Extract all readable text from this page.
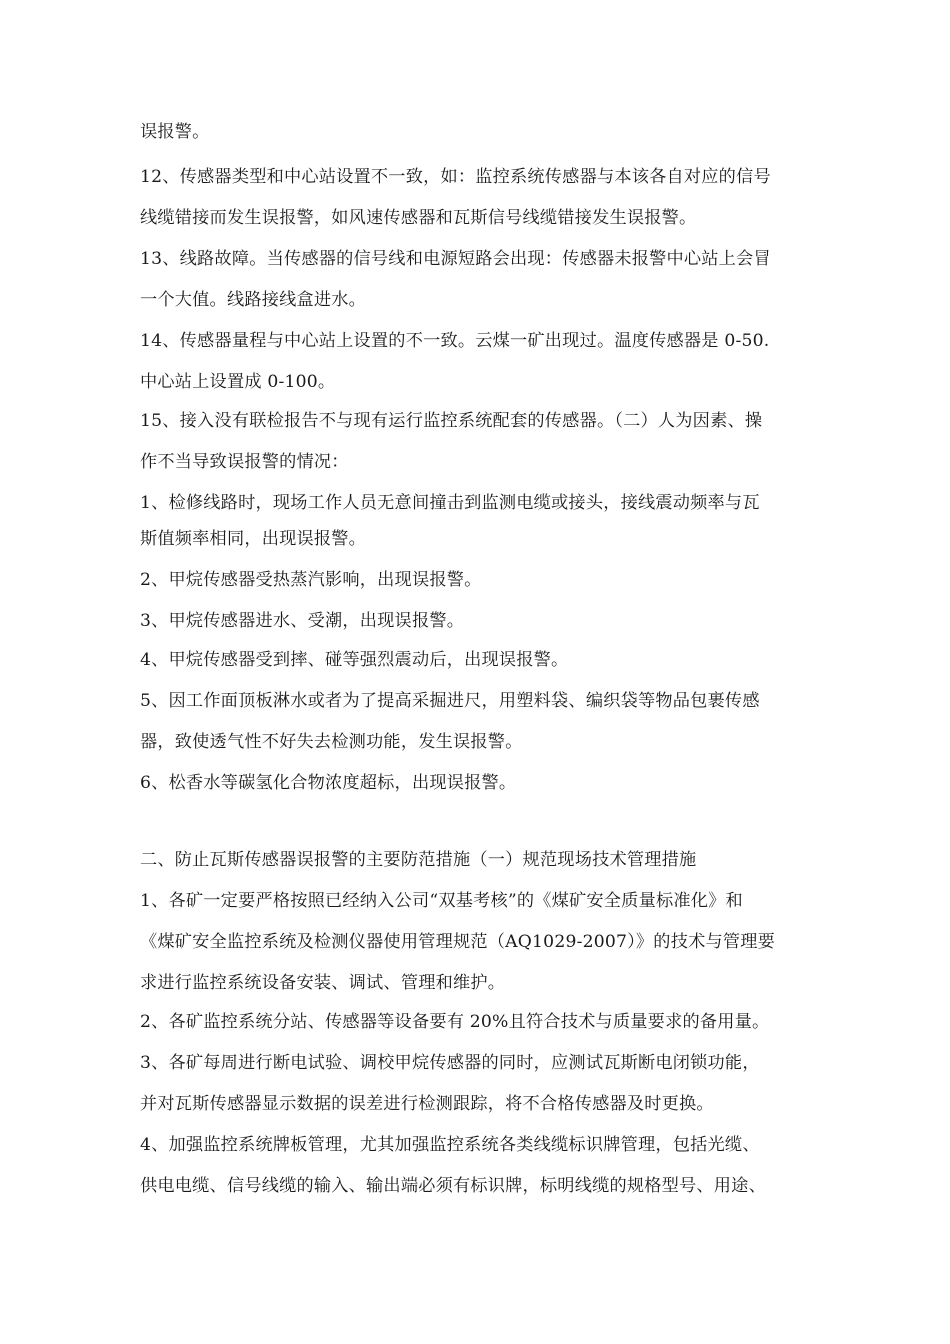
误报警。
12、传感器类型和中心站设置不一致，如：监控系统传感器与本该各自对应的信号
线缆错接而发生误报警，如风速传感器和瓦斯信号线缆错接发生误报警。
13、线路故障。当传感器的信号线和电源短路会出现：传感器未报警中心站上会冒
一个大值。线路接线盒进水。
14、传感器量程与中心站上设置的不一致。云煤一矿出现过。温度传感器是 0-50.
中心站上设置成 0-100。
15、接入没有联检报告不与现有运行监控系统配套的传感器。（二）人为因素、操
作不当导致误报警的情况：
1、检修线路时，现场工作人员无意间撞击到监测电缆或接头，接线震动频率与瓦
斯值频率相同，出现误报警。
2、甲烷传感器受热蒸汽影响，出现误报警。
3、甲烷传感器进水、受潮，出现误报警。
4、甲烷传感器受到摔、碰等强烈震动后，出现误报警。
5、因工作面顶板淋水或者为了提高采掘进尺，用塑料袋、编织袋等物品包裹传感
器，致使透气性不好失去检测功能，发生误报警。
6、松香水等碳氢化合物浓度超标，出现误报警。
二、防止瓦斯传感器误报警的主要防范措施（一）规范现场技术管理措施
1、各矿一定要严格按照已经纳入公司“双基考核”的《煤矿安全质量标准化》和
《煤矿安全监控系统及检测仪器使用管理规范（AQ1029-2007）》的技术与管理要
求进行监控系统设备安装、调试、管理和维护。
2、各矿监控系统分站、传感器等设备要有 20%且符合技术与质量要求的备用量。
3、各矿每周进行断电试验、调校甲烷传感器的同时，应测试瓦斯断电闭锁功能，
并对瓦斯传感器显示数据的误差进行检测跟踪，将不合格传感器及时更换。
4、加强监控系统牌板管理，尤其加强监控系统各类线缆标识牌管理，包括光缆、
供电电缆、信号线缆的输入、输出端必须有标识牌，标明线缆的规格型号、用途、
